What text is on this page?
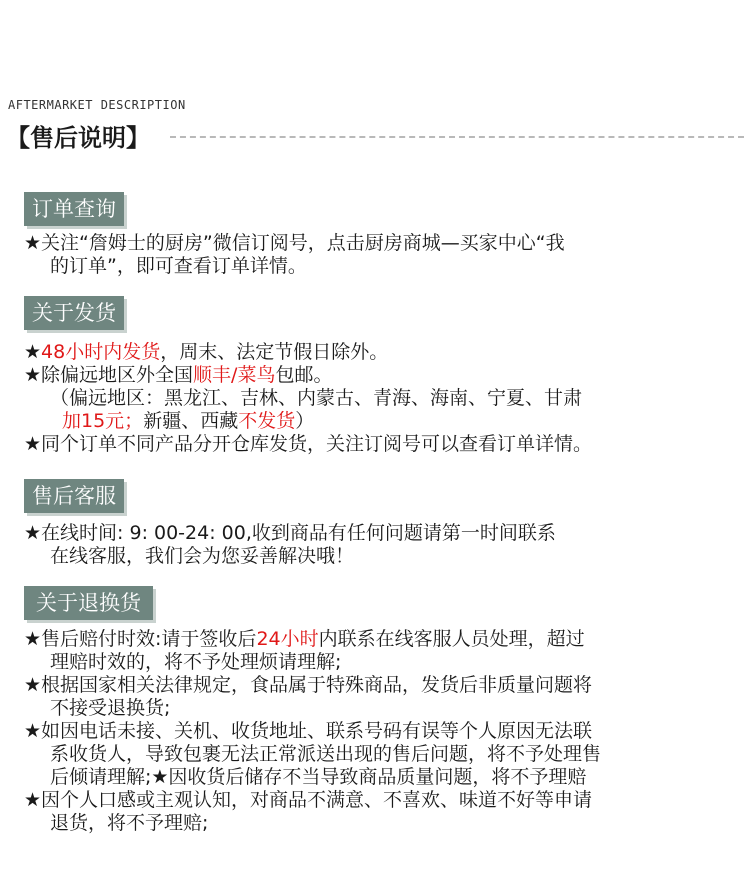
AFTERMARKET DESCRIPTION
【售后说明】
订单查询
★关注“詹姆士的厨房”微信订阅号，点击厨房商城—买家中心“我
的订单”，即可查看订单详情。
关于发货
★48小时内发货，周末、法定节假日除外。
★除偏远地区外全国顺丰/菜鸟包邮。
（偏远地区：黑龙江、吉林、内蒙古、青海、海南、宁夏、甘肃
加15元；新疆、西藏不发货）
★同个订单不同产品分开仓库发货，关注订阅号可以查看订单详情。
售后客服
★在线时间: 9: 00-24: 00,收到商品有任何问题请第一时间联系
在线客服，我们会为您妥善解决哦！
关于退换货
★售后赔付时效:请于签收后24小时内联系在线客服人员处理，超过
理赔时效的，将不予处理烦请理解;
★根据国家相关法律规定，食品属于特殊商品，发货后非质量问题将
不接受退换货;
★如因电话未接、关机、收货地址、联系号码有误等个人原因无法联
系收货人，导致包裹无法正常派送出现的售后问题，将不予处理售
后倾请理解;★因收货后储存不当导致商品质量问题，将不予理赔
★因个人口感或主观认知，对商品不满意、不喜欢、味道不好等申请
退货，将不予理赔;
